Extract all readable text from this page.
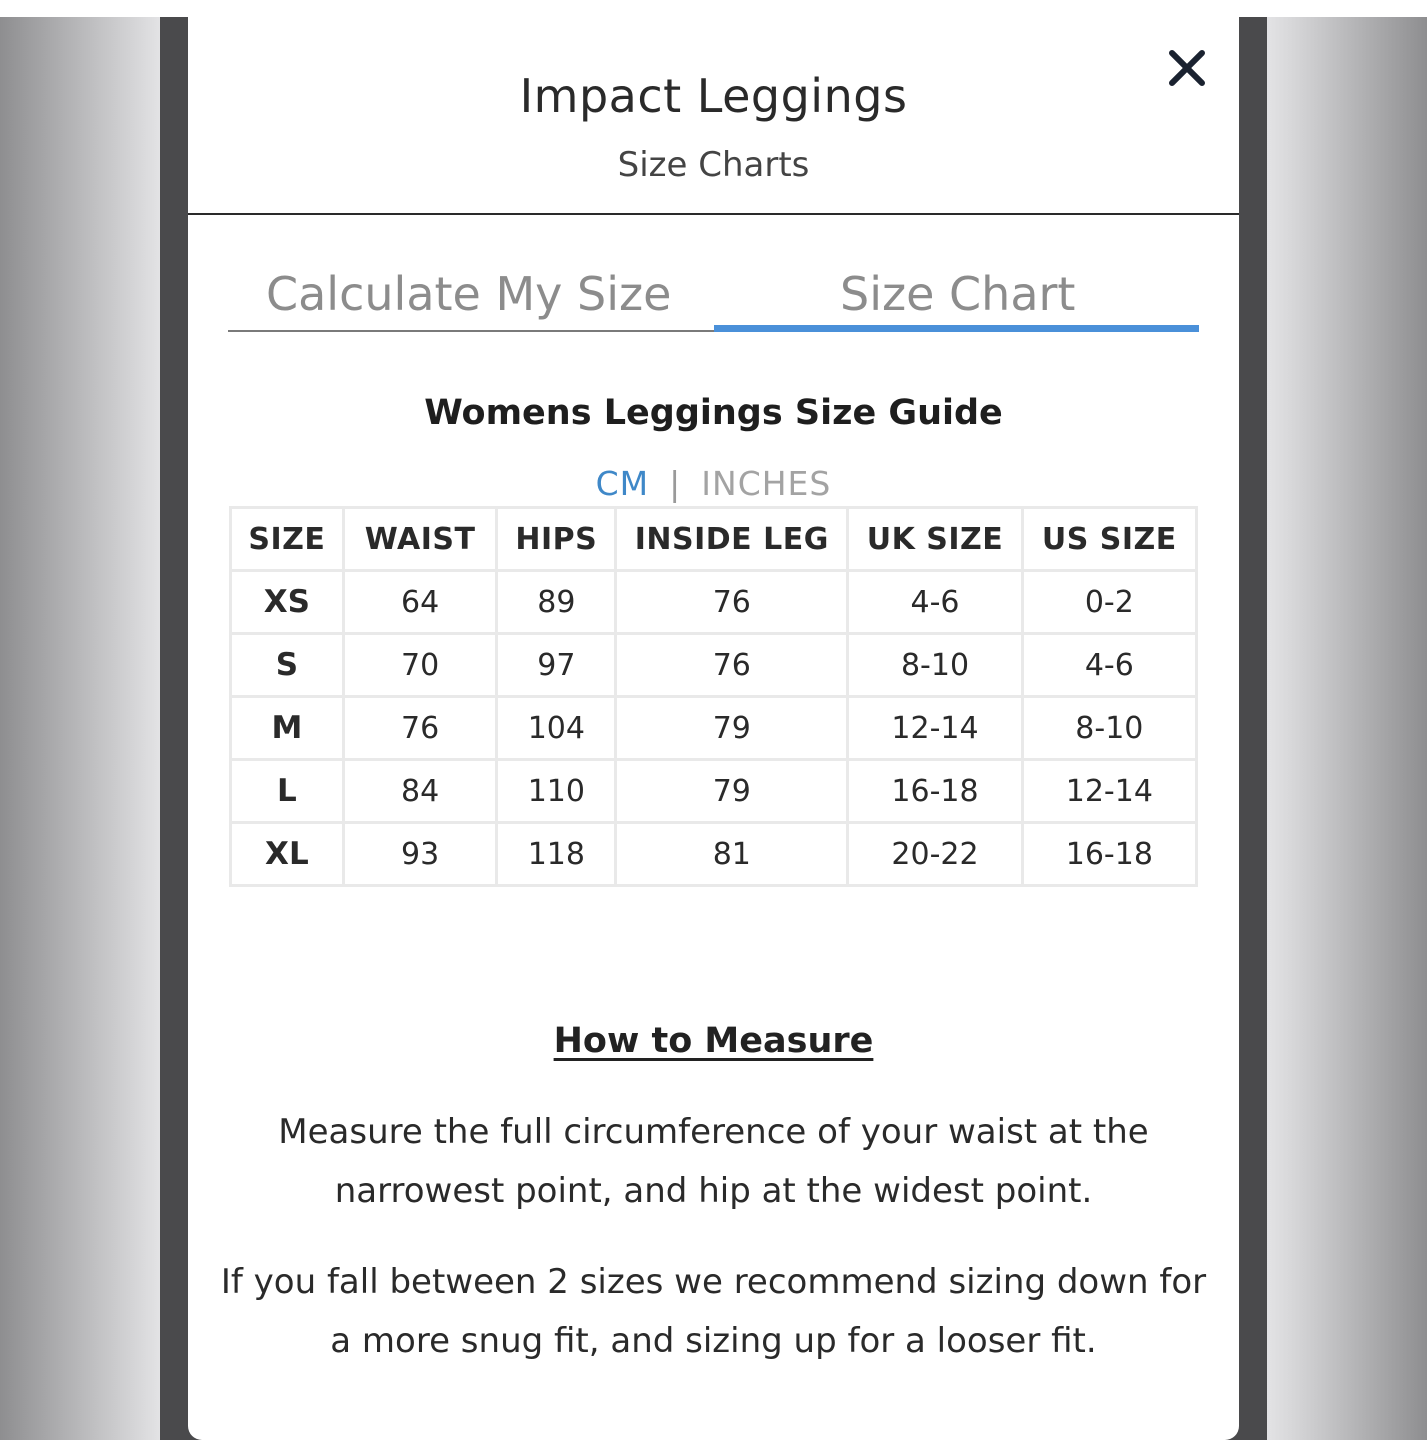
Impact Leggings
Size Charts
Calculate My Size	Size Chart
Womens Leggings Size Guide
CM | INCHES
SIZE	WAIST	HIPS	INSIDE LEG	UK SIZE	US SIZE
XS	64	89	76	4-6	0-2
S	70	97	76	8-10	4-6
M	76	104	79	12-14	8-10
L	84	110	79	16-18	12-14
XL	93	118	81	20-22	16-18
How to Measure
Measure the full circumference of your waist at the narrowest point, and hip at the widest point.
If you fall between 2 sizes we recommend sizing down for a more snug fit, and sizing up for a looser fit.
